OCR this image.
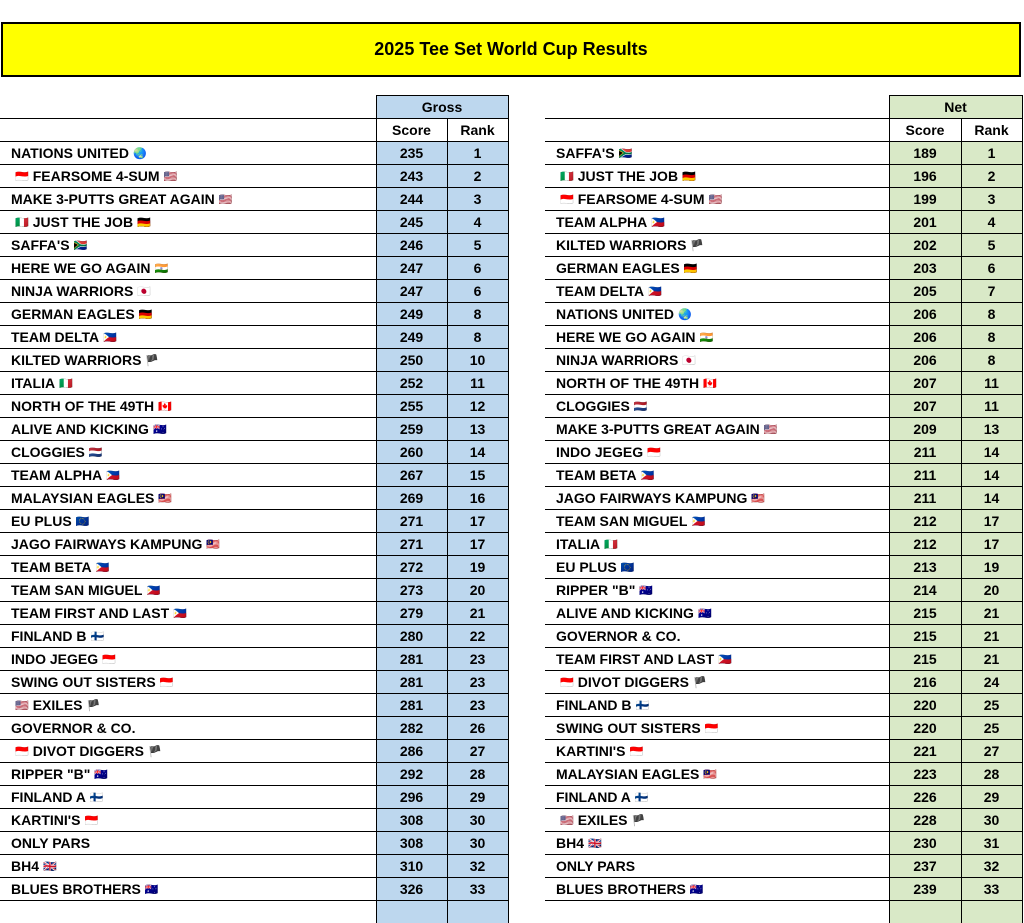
2025 Tee Set World Cup Results
	Gross	
	Score	Rank
NATIONS UNITED 🌏	235	1
🇮🇩 FEARSOME 4-SUM 🇺🇸	243	2
MAKE 3-PUTTS GREAT AGAIN 🇺🇸	244	3
🇮🇹 JUST THE JOB 🇩🇪	245	4
SAFFA'S 🇿🇦	246	5
HERE WE GO AGAIN 🇮🇳	247	6
NINJA WARRIORS 🇯🇵	247	6
GERMAN EAGLES 🇩🇪	249	8
TEAM DELTA 🇵🇭	249	8
KILTED WARRIORS 🏴	250	10
ITALIA 🇮🇹	252	11
NORTH OF THE 49TH 🇨🇦	255	12
ALIVE AND KICKING 🇦🇺	259	13
CLOGGIES 🇳🇱	260	14
TEAM ALPHA 🇵🇭	267	15
MALAYSIAN EAGLES 🇲🇾	269	16
EU PLUS 🇪🇺	271	17
JAGO FAIRWAYS KAMPUNG 🇲🇾	271	17
TEAM BETA 🇵🇭	272	19
TEAM SAN MIGUEL 🇵🇭	273	20
TEAM FIRST AND LAST 🇵🇭	279	21
FINLAND B 🇫🇮	280	22
INDO JEGEG 🇮🇩	281	23
SWING OUT SISTERS 🇮🇩	281	23
🇺🇸 EXILES 🏴	281	23
GOVERNOR & CO.	282	26
🇮🇩 DIVOT DIGGERS 🏴	286	27
RIPPER "B" 🇦🇺	292	28
FINLAND A 🇫🇮	296	29
KARTINI'S 🇮🇩	308	30
ONLY PARS	308	30
BH4 🇬🇧	310	32
BLUES BROTHERS 🇦🇺	326	33

	Net	
	Score	Rank
SAFFA'S 🇿🇦	189	1
🇮🇹 JUST THE JOB 🇩🇪	196	2
🇮🇩 FEARSOME 4-SUM 🇺🇸	199	3
TEAM ALPHA 🇵🇭	201	4
KILTED WARRIORS 🏴	202	5
GERMAN EAGLES 🇩🇪	203	6
TEAM DELTA 🇵🇭	205	7
NATIONS UNITED 🌏	206	8
HERE WE GO AGAIN 🇮🇳	206	8
NINJA WARRIORS 🇯🇵	206	8
NORTH OF THE 49TH 🇨🇦	207	11
CLOGGIES 🇳🇱	207	11
MAKE 3-PUTTS GREAT AGAIN 🇺🇸	209	13
INDO JEGEG 🇮🇩	211	14
TEAM BETA 🇵🇭	211	14
JAGO FAIRWAYS KAMPUNG 🇲🇾	211	14
TEAM SAN MIGUEL 🇵🇭	212	17
ITALIA 🇮🇹	212	17
EU PLUS 🇪🇺	213	19
RIPPER "B" 🇦🇺	214	20
ALIVE AND KICKING 🇦🇺	215	21
GOVERNOR & CO.	215	21
TEAM FIRST AND LAST 🇵🇭	215	21
🇮🇩 DIVOT DIGGERS 🏴	216	24
FINLAND B 🇫🇮	220	25
SWING OUT SISTERS 🇮🇩	220	25
KARTINI'S 🇮🇩	221	27
MALAYSIAN EAGLES 🇲🇾	223	28
FINLAND A 🇫🇮	226	29
🇺🇸 EXILES 🏴	228	30
BH4 🇬🇧	230	31
ONLY PARS	237	32
BLUES BROTHERS 🇦🇺	239	33
